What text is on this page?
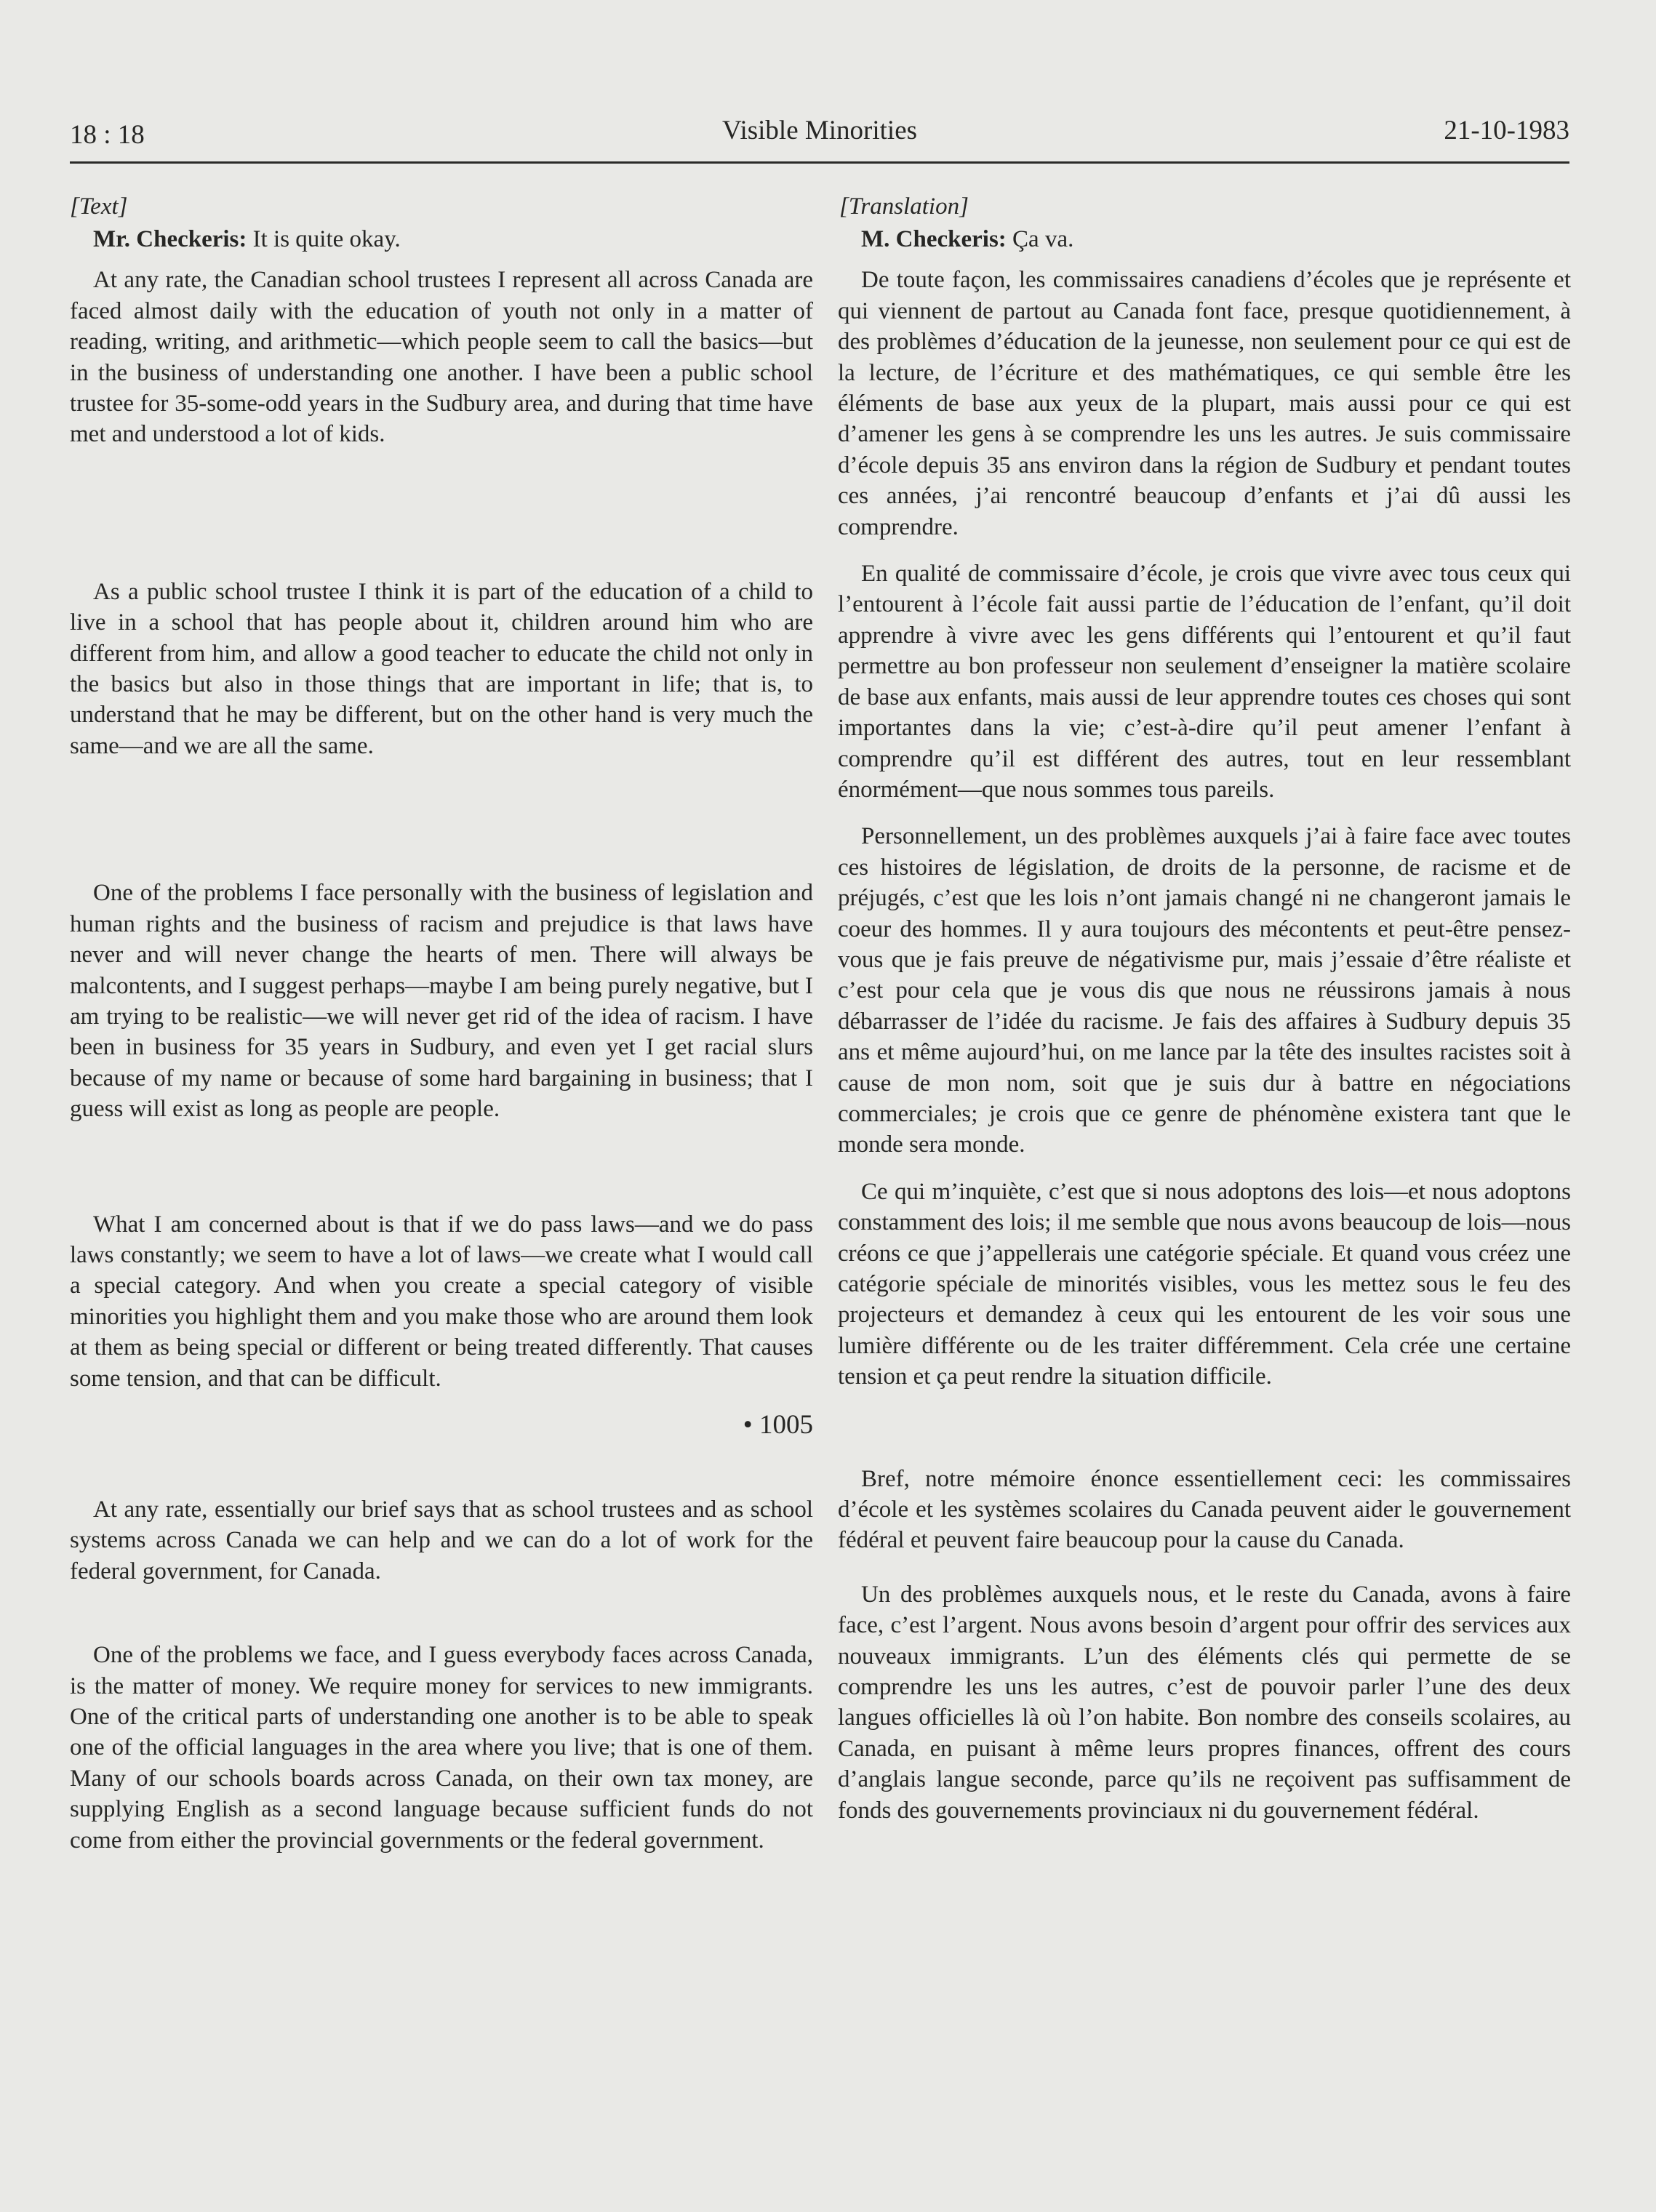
18 : 18	Visible Minorities	21-10-1983

[Text]

Mr. Checkeris: It is quite okay.

At any rate, the Canadian school trustees I represent all across Canada are faced almost daily with the education of youth not only in a matter of reading, writing, and arithmetic—which people seem to call the basics—but in the business of understanding one another. I have been a public school trustee for 35-some-odd years in the Sudbury area, and during that time have met and understood a lot of kids.

As a public school trustee I think it is part of the education of a child to live in a school that has people about it, children around him who are different from him, and allow a good teacher to educate the child not only in the basics but also in those things that are important in life; that is, to understand that he may be different, but on the other hand is very much the same—and we are all the same.

One of the problems I face personally with the business of legislation and human rights and the business of racism and prejudice is that laws have never and will never change the hearts of men. There will always be malcontents, and I suggest perhaps—maybe I am being purely negative, but I am trying to be realistic—we will never get rid of the idea of racism. I have been in business for 35 years in Sudbury, and even yet I get racial slurs because of my name or because of some hard bargaining in business; that I guess will exist as long as people are people.

What I am concerned about is that if we do pass laws—and we do pass laws constantly; we seem to have a lot of laws—we create what I would call a special category. And when you create a special category of visible minorities you highlight them and you make those who are around them look at them as being special or different or being treated differently. That causes some tension, and that can be difficult.

• 1005

At any rate, essentially our brief says that as school trustees and as school systems across Canada we can help and we can do a lot of work for the federal government, for Canada.

One of the problems we face, and I guess everybody faces across Canada, is the matter of money. We require money for services to new immigrants. One of the critical parts of understanding one another is to be able to speak one of the official languages in the area where you live; that is one of them. Many of our schools boards across Canada, on their own tax money, are supplying English as a second language because sufficient funds do not come from either the provincial governments or the federal government.

[Translation]

M. Checkeris: Ça va.

De toute façon, les commissaires canadiens d’écoles que je représente et qui viennent de partout au Canada font face, presque quotidiennement, à des problèmes d’éducation de la jeunesse, non seulement pour ce qui est de la lecture, de l’écriture et des mathématiques, ce qui semble être les éléments de base aux yeux de la plupart, mais aussi pour ce qui est d’amener les gens à se comprendre les uns les autres. Je suis commissaire d’école depuis 35 ans environ dans la région de Sudbury et pendant toutes ces années, j’ai rencontré beaucoup d’enfants et j’ai dû aussi les comprendre.

En qualité de commissaire d’école, je crois que vivre avec tous ceux qui l’entourent à l’école fait aussi partie de l’éducation de l’enfant, qu’il doit apprendre à vivre avec les gens différents qui l’entourent et qu’il faut permettre au bon professeur non seulement d’enseigner la matière scolaire de base aux enfants, mais aussi de leur apprendre toutes ces choses qui sont importantes dans la vie; c’est-à-dire qu’il peut amener l’enfant à comprendre qu’il est différent des autres, tout en leur ressemblant énormément—que nous sommes tous pareils.

Personnellement, un des problèmes auxquels j’ai à faire face avec toutes ces histoires de législation, de droits de la personne, de racisme et de préjugés, c’est que les lois n’ont jamais changé ni ne changeront jamais le coeur des hommes. Il y aura toujours des mécontents et peut-être pensez-vous que je fais preuve de négativisme pur, mais j’essaie d’être réaliste et c’est pour cela que je vous dis que nous ne réussirons jamais à nous débarrasser de l’idée du racisme. Je fais des affaires à Sudbury depuis 35 ans et même aujourd’hui, on me lance par la tête des insultes racistes soit à cause de mon nom, soit que je suis dur à battre en négociations commerciales; je crois que ce genre de phénomène existera tant que le monde sera monde.

Ce qui m’inquiète, c’est que si nous adoptons des lois—et nous adoptons constamment des lois; il me semble que nous avons beaucoup de lois—nous créons ce que j’appellerais une catégorie spéciale. Et quand vous créez une catégorie spéciale de minorités visibles, vous les mettez sous le feu des projecteurs et demandez à ceux qui les entourent de les voir sous une lumière différente ou de les traiter différemment. Cela crée une certaine tension et ça peut rendre la situation difficile.

Bref, notre mémoire énonce essentiellement ceci: les commissaires d’école et les systèmes scolaires du Canada peuvent aider le gouvernement fédéral et peuvent faire beaucoup pour la cause du Canada.

Un des problèmes auxquels nous, et le reste du Canada, avons à faire face, c’est l’argent. Nous avons besoin d’argent pour offrir des services aux nouveaux immigrants. L’un des éléments clés qui permette de se comprendre les uns les autres, c’est de pouvoir parler l’une des deux langues officielles là où l’on habite. Bon nombre des conseils scolaires, au Canada, en puisant à même leurs propres finances, offrent des cours d’anglais langue seconde, parce qu’ils ne reçoivent pas suffisamment de fonds des gouvernements provinciaux ni du gouvernement fédéral.
